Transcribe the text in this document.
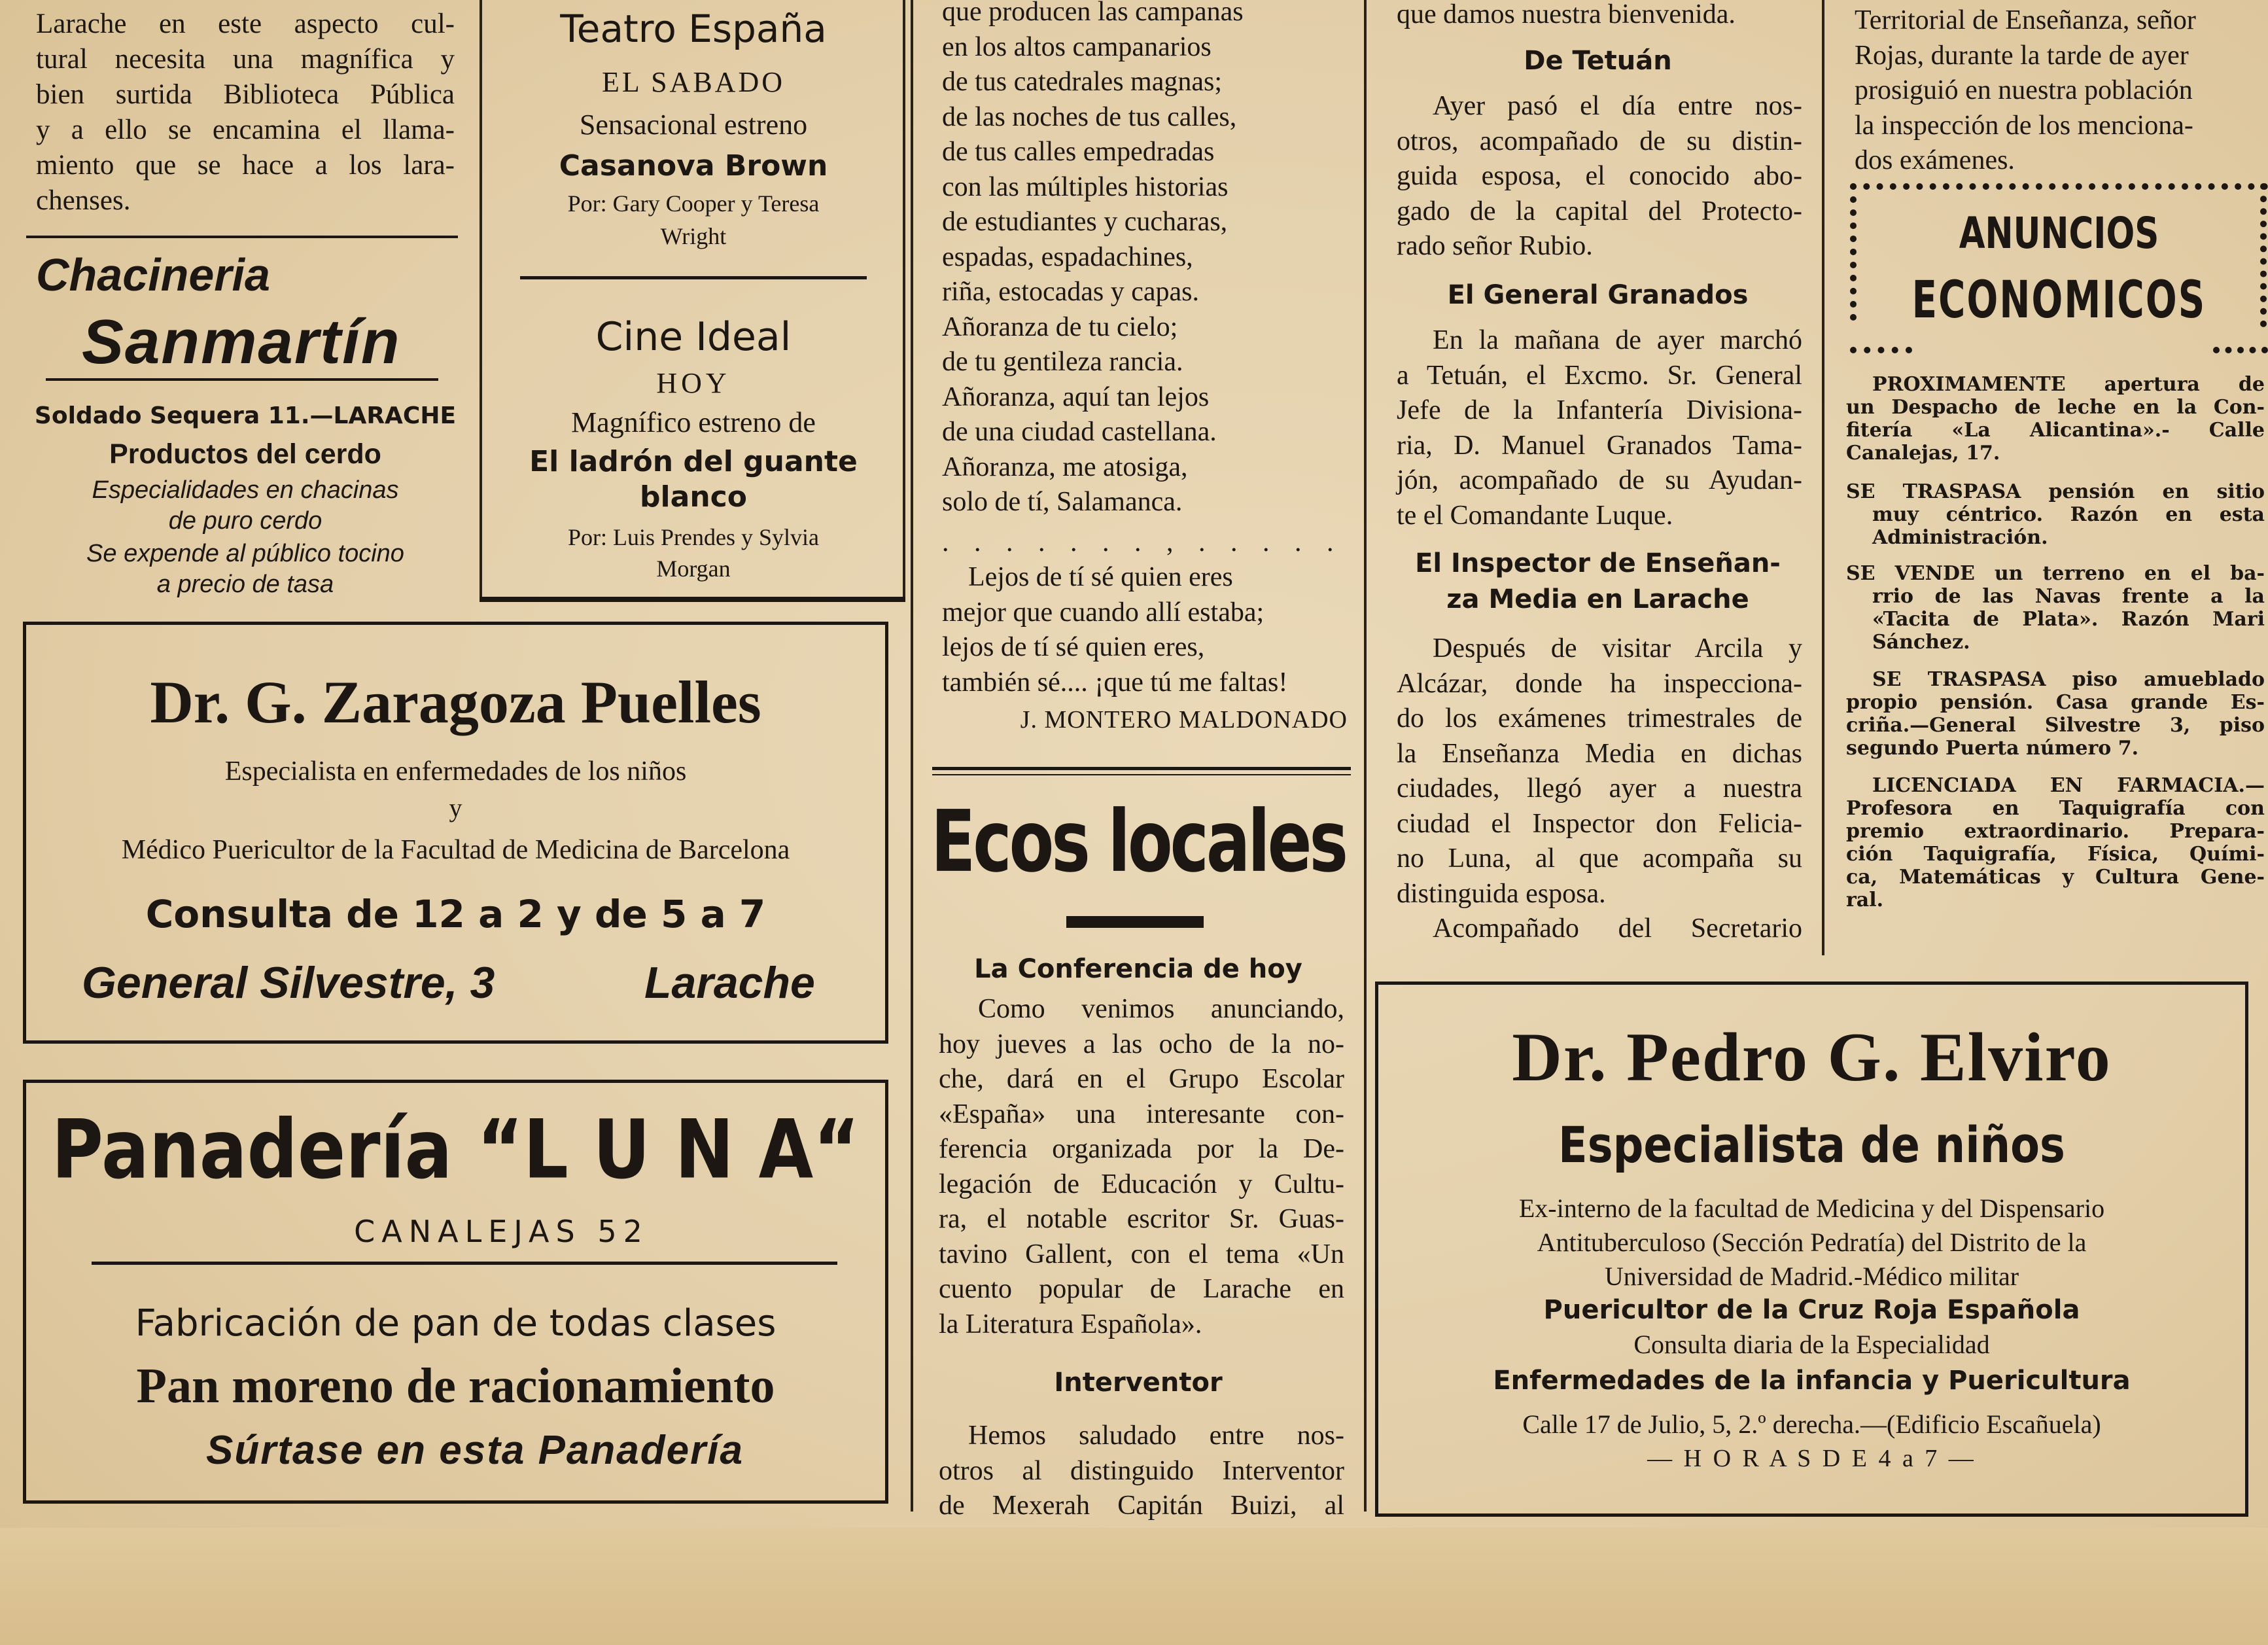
Larache en este aspecto cul-
tural necesita una magnífica y
bien surtida Biblioteca Pública
y a ello se encamina el llama-
miento que se hace a los lara-
chenses.
Chacineria
Sanmartín
Soldado Sequera 11.—LARACHE
Productos del cerdo
Especialidades en chacinas
de puro cerdo
Se expende al público tocino
a precio de tasa
Teatro España
EL SABADO
Sensacional estreno
Casanova Brown
Por: Gary Cooper y Teresa
Wright
Cine Ideal
HOY
Magnífico estreno de
El ladrón del guante
blanco
Por: Luis Prendes y Sylvia
Morgan
Dr. G. Zaragoza Puelles
Especialista en enfermedades de los niños
y
Médico Puericultor de la Facultad de Medicina de Barcelona
Consulta de 12 a 2 y de 5 a 7
General Silvestre, 3	Larache
Panadería “L U N A“
CANALEJAS 52
Fabricación de pan de todas clases
Pan moreno de racionamiento
Súrtase en esta Panadería
que producen las campanas
en los altos campanarios
de tus catedrales magnas;
de las noches de tus calles,
de tus calles empedradas
con las múltiples historias
de estudiantes y cucharas,
espadas, espadachines,
riña, estocadas y capas.
Añoranza de tu cielo;
de tu gentileza rancia.
Añoranza, aquí tan lejos
de una ciudad castellana.
Añoranza, me atosiga,
solo de tí, Salamanca.
. . . . . . . , . . . . .
Lejos de tí sé quien eres
mejor que cuando allí estaba;
lejos de tí sé quien eres,
también sé.... ¡que tú me faltas!
J. MONTERO MALDONADO
Ecos locales
La Conferencia de hoy
Como venimos anunciando,
hoy jueves a las ocho de la no-
che, dará en el Grupo Escolar
«España» una interesante con-
ferencia organizada por la De-
legación de Educación y Cultu-
ra, el notable escritor Sr. Guas-
tavino Gallent, con el tema «Un
cuento popular de Larache en
la Literatura Española».
Interventor
Hemos saludado entre nos-
otros al distinguido Interventor
de Mexerah Capitán Buizi, al
que damos nuestra bienvenida.
De Tetuán
Ayer pasó el día entre nos-
otros, acompañado de su distin-
guida esposa, el conocido abo-
gado de la capital del Protecto-
rado señor Rubio.
El General Granados
En la mañana de ayer marchó
a Tetuán, el Excmo. Sr. General
Jefe de la Infantería Divisiona-
ria, D. Manuel Granados Tama-
jón, acompañado de su Ayudan-
te el Comandante Luque.
El Inspector de Enseñan-
za Media en Larache
Después de visitar Arcila y
Alcázar, donde ha inspecciona-
do los exámenes trimestrales de
la Enseñanza Media en dichas
ciudades, llegó ayer a nuestra
ciudad el Inspector don Felicia-
no Luna, al que acompaña su
distinguida esposa.
Acompañado del Secretario
Territorial de Enseñanza, señor
Rojas, durante la tarde de ayer
prosiguió en nuestra población
la inspección de los menciona-
dos exámenes.
ANUNCIOS
ECONOMICOS
PROXIMAMENTE apertura de
un Despacho de leche en la Con-
fitería «La Alicantina».- Calle
Canalejas, 17.
SE TRASPASA pensión en sitio
muy céntrico. Razón en esta
Administración.
SE VENDE un terreno en el ba-
rrio de las Navas frente a la
«Tacita de Plata». Razón Mari
Sánchez.
SE TRASPASA piso amueblado
propio pensión. Casa grande Es-
criña.—General Silvestre 3, piso
segundo Puerta número 7.
LICENCIADA EN FARMACIA.—
Profesora en Taquigrafía con
premio extraordinario. Prepara-
ción Taquigrafía, Física, Quími-
ca, Matemáticas y Cultura Gene-
ral.
Dr. Pedro G. Elviro
Especialista de niños
Ex-interno de la facultad de Medicina y del Dispensario
Antituberculoso (Sección Pedratía) del Distrito de la
Universidad de Madrid.-Médico militar
Puericultor de la Cruz Roja Española
Consulta diaria de la Especialidad
Enfermedades de la infancia y Puericultura
Calle 17 de Julio, 5, 2.º derecha.—(Edificio Escañuela)
— H O R A S D E 4 a 7 —
